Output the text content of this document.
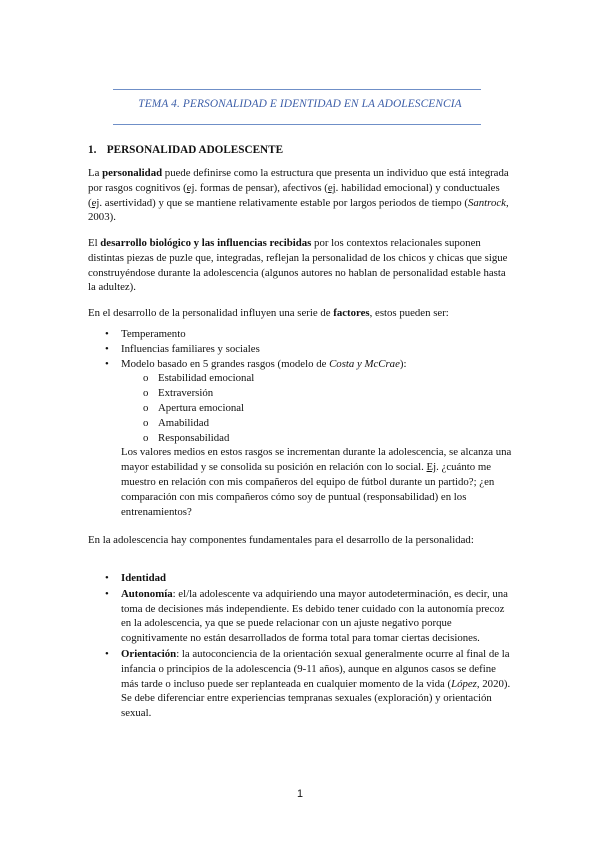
TEMA 4. PERSONALIDAD E IDENTIDAD EN LA ADOLESCENCIA
1. PERSONALIDAD ADOLESCENTE
La personalidad puede definirse como la estructura que presenta un individuo que está integrada por rasgos cognitivos (ej. formas de pensar), afectivos (ej. habilidad emocional) y conductuales (ej. asertividad) y que se mantiene relativamente estable por largos periodos de tiempo (Santrock, 2003).
El desarrollo biológico y las influencias recibidas por los contextos relacionales suponen distintas piezas de puzle que, integradas, reflejan la personalidad de los chicos y chicas que sigue construyéndose durante la adolescencia (algunos autores no hablan de personalidad estable hasta la adultez).
En el desarrollo de la personalidad influyen una serie de factores, estos pueden ser:
• Temperamento
• Influencias familiares y sociales
• Modelo basado en 5 grandes rasgos (modelo de Costa y McCrae):
o Estabilidad emocional
o Extraversión
o Apertura emocional
o Amabilidad
o Responsabilidad
Los valores medios en estos rasgos se incrementan durante la adolescencia, se alcanza una mayor estabilidad y se consolida su posición en relación con lo social. Ej. ¿cuánto me muestro en relación con mis compañeros del equipo de fútbol durante un partido?; ¿en comparación con mis compañeros cómo soy de puntual (responsabilidad) en los entrenamientos?
En la adolescencia hay componentes fundamentales para el desarrollo de la personalidad:
• Identidad
• Autonomía: el/la adolescente va adquiriendo una mayor autodeterminación, es decir, una toma de decisiones más independiente. Es debido tener cuidado con la autonomía precoz en la adolescencia, ya que se puede relacionar con un ajuste negativo porque cognitivamente no están desarrollados de forma total para tomar ciertas decisiones.
• Orientación: la autoconciencia de la orientación sexual generalmente ocurre al final de la infancia o principios de la adolescencia (9-11 años), aunque en algunos casos se define más tarde o incluso puede ser replanteada en cualquier momento de la vida (López, 2020). Se debe diferenciar entre experiencias tempranas sexuales (exploración) y orientación sexual.
1
